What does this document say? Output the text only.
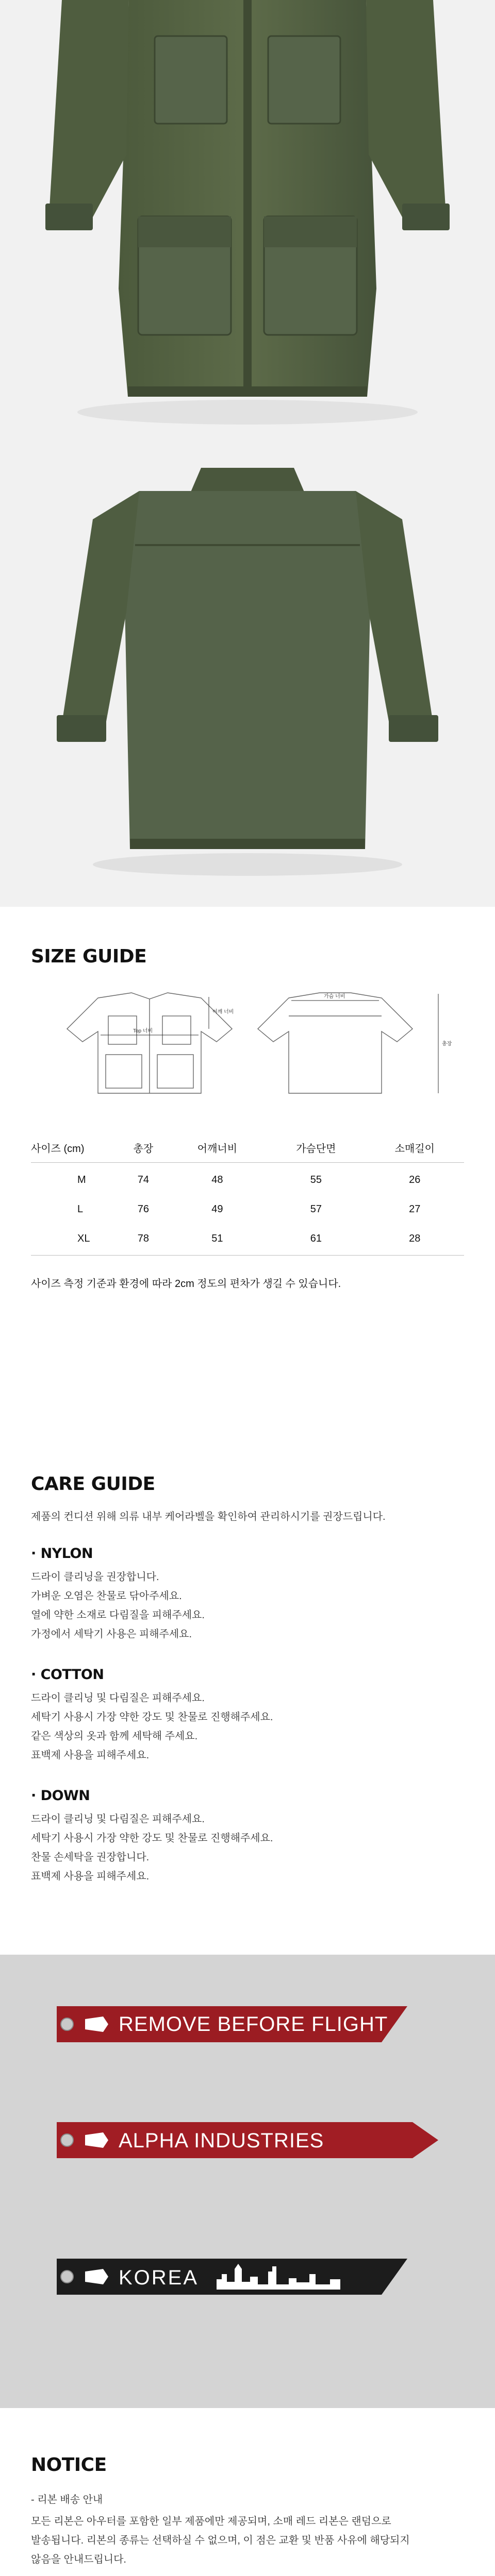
SIZE GUIDE
Top 너비
어깨 너비
가슴 너비
총장
사이즈 (cm)	총장	어깨너비	가슴단면	소매길이
M	74	48	55	26
L	76	49	57	27
XL	78	51	61	28

사이즈 측정 기준과 환경에 따라 2cm 정도의 편차가 생길 수 있습니다.

CARE GUIDE

제품의 컨디션 위해 의류 내부 케어라벨을 확인하여 관리하시기를 권장드립니다.

· NYLON
드라이 클리닝을 권장합니다.
가벼운 오염은 찬물로 닦아주세요.
열에 약한 소재로 다림질을 피해주세요.
가정에서 세탁기 사용은 피해주세요.
· COTTON
드라이 클리닝 및 다림질은 피해주세요.
세탁기 사용시 가장 약한 강도 및 찬물로 진행해주세요.
같은 색상의 옷과 함께 세탁해 주세요.
표백제 사용을 피해주세요.
· DOWN
드라이 클리닝 및 다림질은 피해주세요.
세탁기 사용시 가장 약한 강도 및 찬물로 진행해주세요.
찬물 손세탁을 권장합니다.
표백제 사용을 피해주세요.
REMOVE BEFORE FLIGHT
ALPHA INDUSTRIES
KOREA
NOTICE

- 리본 배송 안내

모든 리본은 아우터를 포함한 일부 제품에만 제공되며, 소매 레드 리본은 랜덤으로
발송됩니다. 리본의 종류는 선택하실 수 없으며, 이 점은 교환 및 반품 사유에 해당되지
않음을 안내드립니다.
